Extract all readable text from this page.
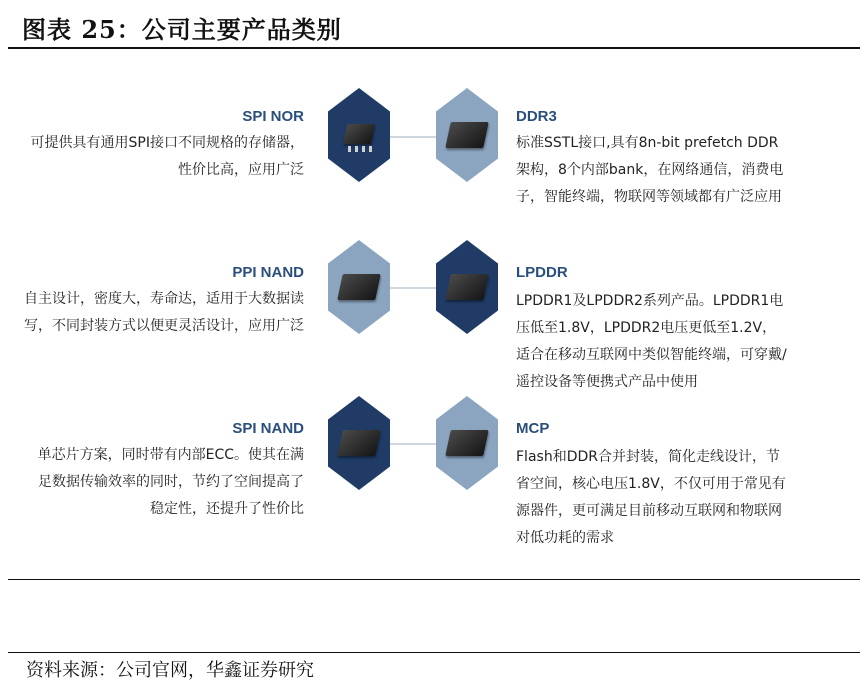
图表 25：公司主要产品类别
SPI NOR
可提供具有通用SPI接口不同规格的存储器，性价比高，应用广泛
DDR3
标准SSTL接口,具有8n-bit prefetch DDR架构，8个内部bank，在网络通信，消费电子，智能终端，物联网等领域都有广泛应用
PPI NAND
自主设计，密度大，寿命达，适用于大数据读写，不同封装方式以便更灵活设计，应用广泛
LPDDR
LPDDR1及LPDDR2系列产品。LPDDR1电压低至1.8V，LPDDR2电压更低至1.2V，适合在移动互联网中类似智能终端，可穿戴/遥控设备等便携式产品中使用
SPI NAND
单芯片方案，同时带有内部ECC。使其在满足数据传输效率的同时，节约了空间提高了稳定性，还提升了性价比
MCP
Flash和DDR合并封装，简化走线设计，节省空间，核心电压1.8V，不仅可用于常见有源器件，更可满足目前移动互联网和物联网对低功耗的需求
资料来源：公司官网，华鑫证券研究
